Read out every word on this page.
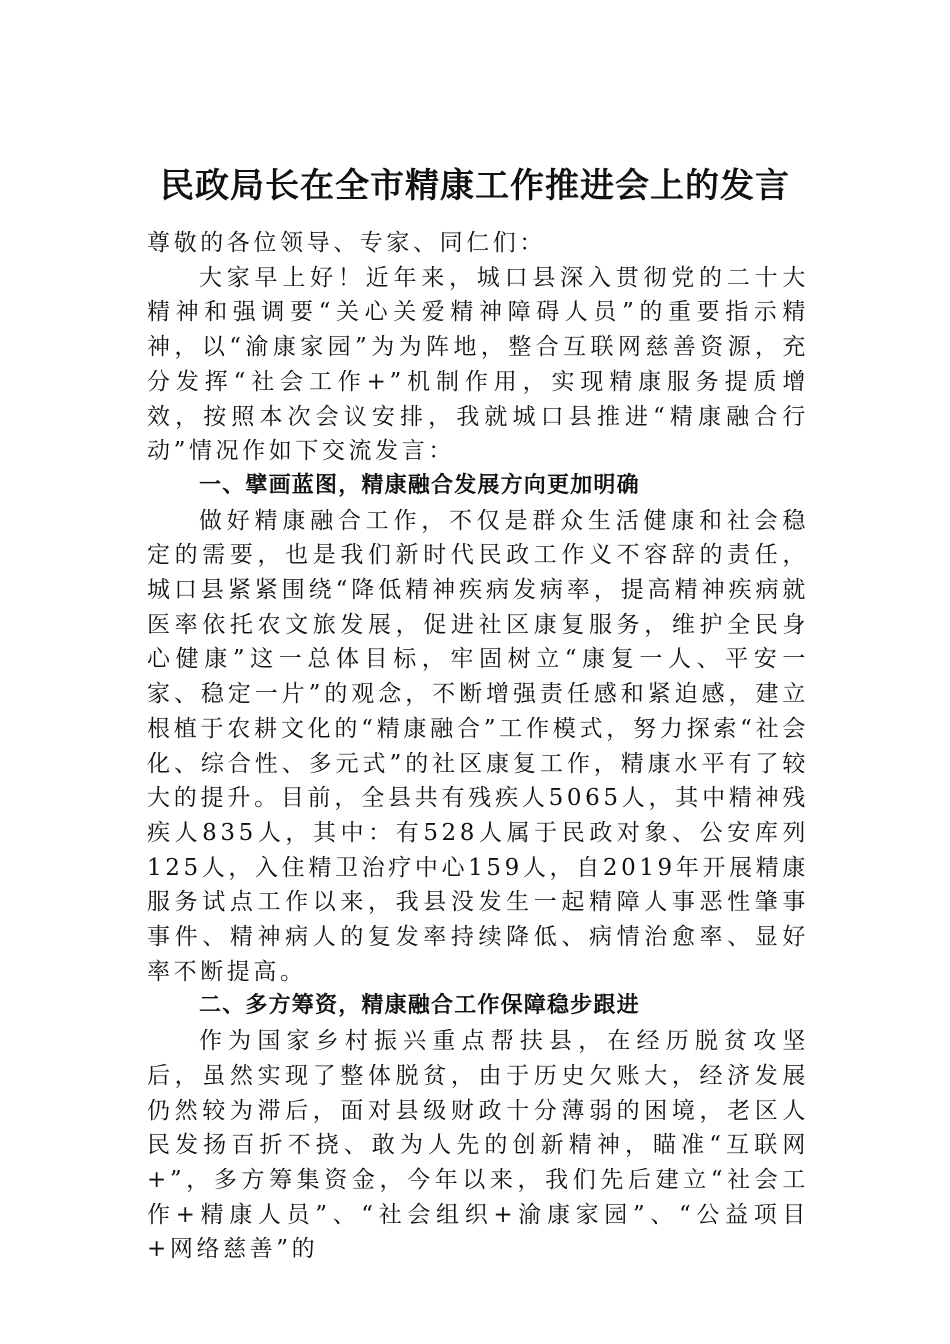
民政局长在全市精康工作推进会上的发言

尊敬的各位领导、专家、同仁们：

大家早上好！近年来，城口县深入贯彻党的二十大精神和强调要“关心关爱精神障碍人员”的重要指示精神，以“渝康家园”为为阵地，整合互联网慈善资源，充分发挥“社会工作+”机制作用，实现精康服务提质增效，按照本次会议安排，我就城口县推进“精康融合行动”情况作如下交流发言：

一、擘画蓝图，精康融合发展方向更加明确

做好精康融合工作，不仅是群众生活健康和社会稳定的需要，也是我们新时代民政工作义不容辞的责任，城口县紧紧围绕“降低精神疾病发病率，提高精神疾病就医率依托农文旅发展，促进社区康复服务，维护全民身心健康”这一总体目标，牢固树立“康复一人、平安一家、稳定一片”的观念，不断增强责任感和紧迫感，建立根植于农耕文化的“精康融合”工作模式，努力探索“社会化、综合性、多元式”的社区康复工作，精康水平有了较大的提升。目前，全县共有残疾人5065人，其中精神残疾人835人，其中：有528人属于民政对象、公安库列125人，入住精卫治疗中心159人，自2019年开展精康服务试点工作以来，我县没发生一起精障人事恶性肇事事件、精神病人的复发率持续降低、病情治愈率、显好率不断提高。

二、多方筹资，精康融合工作保障稳步跟进

作为国家乡村振兴重点帮扶县，在经历脱贫攻坚后，虽然实现了整体脱贫，由于历史欠账大，经济发展仍然较为滞后，面对县级财政十分薄弱的困境，老区人民发扬百折不挠、敢为人先的创新精神，瞄准“互联网+”，多方筹集资金，今年以来，我们先后建立“社会工作+精康人员”、“社会组织+渝康家园”、“公益项目+网络慈善”的
